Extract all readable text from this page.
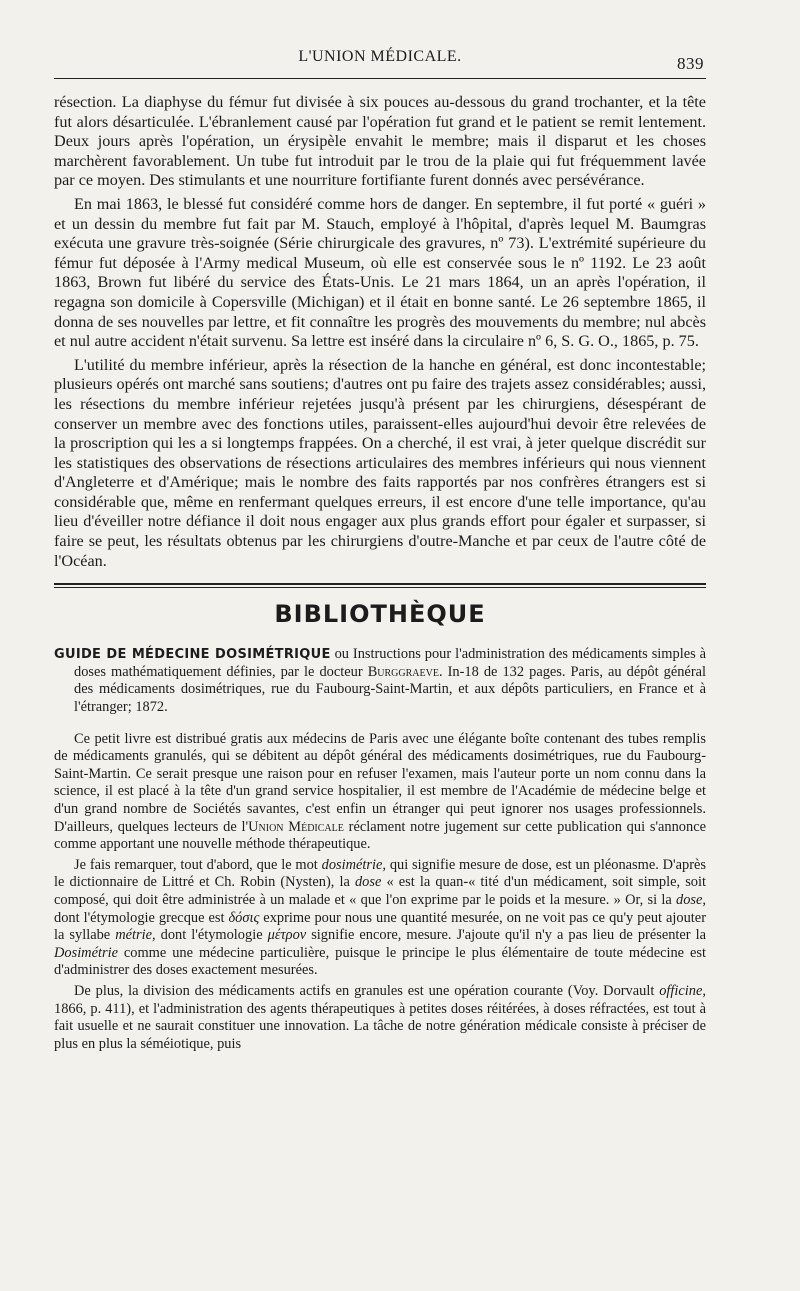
L'UNION MÉDICALE.	839

résection. La diaphyse du fémur fut divisée à six pouces au-dessous du grand trochanter, et la tête fut alors désarticulée. L'ébranlement causé par l'opération fut grand et le patient se remit lentement. Deux jours après l'opération, un érysipèle envahit le membre; mais il disparut et les choses marchèrent favorablement. Un tube fut introduit par le trou de la plaie qui fut fréquemment lavée par ce moyen. Des stimulants et une nourriture fortifiante furent donnés avec persévérance.

En mai 1863, le blessé fut considéré comme hors de danger. En septembre, il fut porté « guéri » et un dessin du membre fut fait par M. Stauch, employé à l'hôpital, d'après lequel M. Baumgras exécuta une gravure très-soignée (Série chirurgicale des gravures, nº 73). L'extrémité supérieure du fémur fut déposée à l'Army medical Museum, où elle est conservée sous le nº 1192. Le 23 août 1863, Brown fut libéré du service des États-Unis. Le 21 mars 1864, un an après l'opération, il regagna son domicile à Copersville (Michigan) et il était en bonne santé. Le 26 septembre 1865, il donna de ses nouvelles par lettre, et fit connaître les progrès des mouvements du membre; nul abcès et nul autre accident n'était survenu. Sa lettre est inséré dans la circulaire nº 6, S. G. O., 1865, p. 75.

L'utilité du membre inférieur, après la résection de la hanche en général, est donc incontestable; plusieurs opérés ont marché sans soutiens; d'autres ont pu faire des trajets assez considérables; aussi, les résections du membre inférieur rejetées jusqu'à présent par les chirurgiens, désespérant de conserver un membre avec des fonctions utiles, paraissent-elles aujourd'hui devoir être relevées de la proscription qui les a si longtemps frappées. On a cherché, il est vrai, à jeter quelque discrédit sur les statistiques des observations de résections articulaires des membres inférieurs qui nous viennent d'Angleterre et d'Amérique; mais le nombre des faits rapportés par nos confrères étrangers est si considérable que, même en renfermant quelques erreurs, il est encore d'une telle importance, qu'au lieu d'éveiller notre défiance il doit nous engager aux plus grands effort pour égaler et surpasser, si faire se peut, les résultats obtenus par les chirurgiens d'outre-Manche et par ceux de l'autre côté de l'Océan.

BIBLIOTHÈQUE

GUIDE DE MÉDECINE DOSIMÉTRIQUE ou Instructions pour l'administration des médicaments simples à doses mathématiquement définies, par le docteur Burggraeve. In-18 de 132 pages. Paris, au dépôt général des médicaments dosimétriques, rue du Faubourg-Saint-Martin, et aux dépôts particuliers, en France et à l'étranger; 1872.

Ce petit livre est distribué gratis aux médecins de Paris avec une élégante boîte contenant des tubes remplis de médicaments granulés, qui se débitent au dépôt général des médicaments dosimétriques, rue du Faubourg-Saint-Martin. Ce serait presque une raison pour en refuser l'examen, mais l'auteur porte un nom connu dans la science, il est placé à la tête d'un grand service hospitalier, il est membre de l'Académie de médecine belge et d'un grand nombre de Sociétés savantes, c'est enfin un étranger qui peut ignorer nos usages professionnels. D'ailleurs, quelques lecteurs de l'Union Médicale réclament notre jugement sur cette publication qui s'annonce comme apportant une nouvelle méthode thérapeutique.

Je fais remarquer, tout d'abord, que le mot dosimétrie, qui signifie mesure de dose, est un pléonasme. D'après le dictionnaire de Littré et Ch. Robin (Nysten), la dose « est la quan-« tité d'un médicament, soit simple, soit composé, qui doit être administrée à un malade et « que l'on exprime par le poids et la mesure. » Or, si la dose, dont l'étymologie grecque est δόσις exprime pour nous une quantité mesurée, on ne voit pas ce qu'y peut ajouter la syllabe métrie, dont l'étymologie μέτρον signifie encore, mesure. J'ajoute qu'il n'y a pas lieu de présenter la Dosimétrie comme une médecine particulière, puisque le principe le plus élémentaire de toute médecine est d'administrer des doses exactement mesurées.

De plus, la division des médicaments actifs en granules est une opération courante (Voy. Dorvault officine, 1866, p. 411), et l'administration des agents thérapeutiques à petites doses réitérées, à doses réfractées, est tout à fait usuelle et ne saurait constituer une innovation. La tâche de notre génération médicale consiste à préciser de plus en plus la séméiotique, puis
